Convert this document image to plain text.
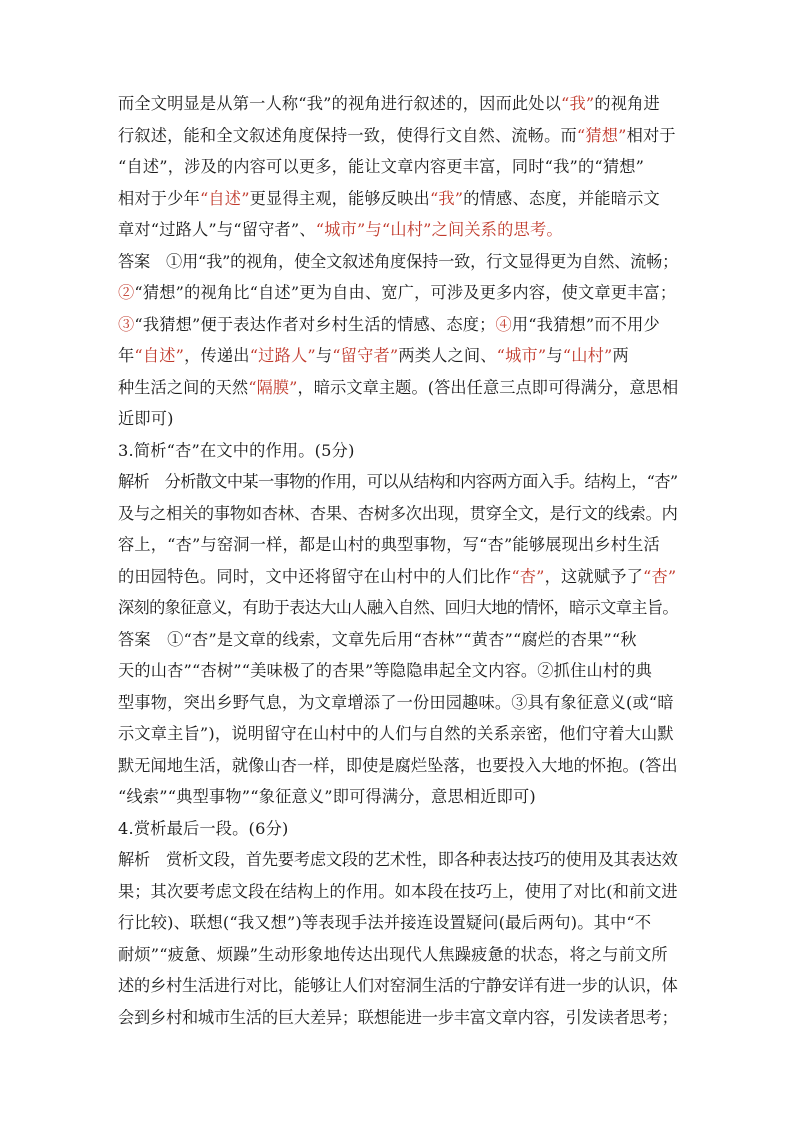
而全文明显是从第一人称“我”的视角进行叙述的，因而此处以“我”的视角进
行叙述，能和全文叙述角度保持一致，使得行文自然、流畅。而“猜想”相对于
“自述”，涉及的内容可以更多，能让文章内容更丰富，同时“我”的“猜想”
相对于少年“自述”更显得主观，能够反映出“我”的情感、态度，并能暗示文
章对“过路人”与“留守者”、“城市”与“山村”之间关系的思考。
答案　①用“我”的视角，使全文叙述角度保持一致，行文显得更为自然、流畅；
②“猜想”的视角比“自述”更为自由、宽广，可涉及更多内容，使文章更丰富；
③“我猜想”便于表达作者对乡村生活的情感、态度；④用“我猜想”而不用少
年“自述”，传递出“过路人”与“留守者”两类人之间、“城市”与“山村”两
种生活之间的天然“隔膜”，暗示文章主题。(答出任意三点即可得满分，意思相
近即可)
3.简析“杏”在文中的作用。(5分)
解析　分析散文中某一事物的作用，可以从结构和内容两方面入手。结构上，“杏”
及与之相关的事物如杏林、杏果、杏树多次出现，贯穿全文，是行文的线索。内
容上，“杏”与窑洞一样，都是山村的典型事物，写“杏”能够展现出乡村生活
的田园特色。同时，文中还将留守在山村中的人们比作“杏”，这就赋予了“杏”
深刻的象征意义，有助于表达大山人融入自然、回归大地的情怀，暗示文章主旨。
答案　①“杏”是文章的线索，文章先后用“杏林”“黄杏”“腐烂的杏果”“秋
天的山杏”“杏树”“美味极了的杏果”等隐隐串起全文内容。②抓住山村的典
型事物，突出乡野气息，为文章增添了一份田园趣味。③具有象征意义(或“暗
示文章主旨”)，说明留守在山村中的人们与自然的关系亲密，他们守着大山默
默无闻地生活，就像山杏一样，即使是腐烂坠落，也要投入大地的怀抱。(答出
“线索”“典型事物”“象征意义”即可得满分，意思相近即可)
4.赏析最后一段。(6分)
解析　赏析文段，首先要考虑文段的艺术性，即各种表达技巧的使用及其表达效
果；其次要考虑文段在结构上的作用。如本段在技巧上，使用了对比(和前文进
行比较)、联想(“我又想”)等表现手法并接连设置疑问(最后两句)。其中“不
耐烦”“疲惫、烦躁”生动形象地传达出现代人焦躁疲惫的状态，将之与前文所
述的乡村生活进行对比，能够让人们对窑洞生活的宁静安详有进一步的认识，体
会到乡村和城市生活的巨大差异；联想能进一步丰富文章内容，引发读者思考；
